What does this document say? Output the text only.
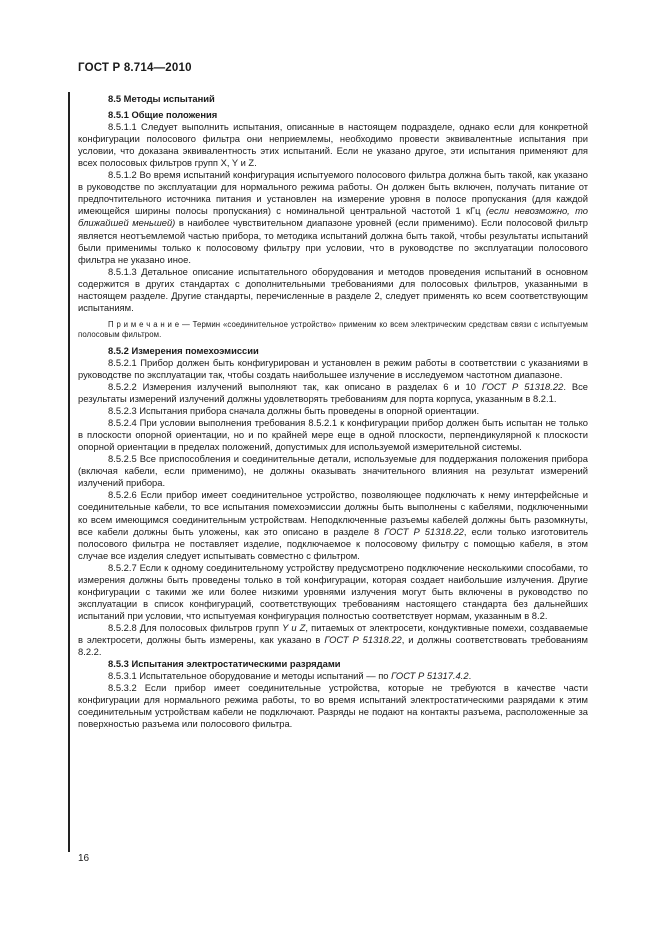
ГОСТ Р 8.714—2010

8.5 Методы испытаний

8.5.1 Общие положения

8.5.1.1 Следует выполнить испытания, описанные в настоящем подразделе, однако если для конкретной конфигурации полосового фильтра они неприемлемы, необходимо провести эквивалентные испытания при условии, что доказана эквивалентность этих испытаний. Если не указано другое, эти испытания применяют для всех полосовых фильтров групп X, Y и Z.

8.5.1.2 Во время испытаний конфигурация испытуемого полосового фильтра должна быть такой, как указано в руководстве по эксплуатации для нормального режима работы. Он должен быть включен, получать питание от предпочтительного источника питания и установлен на измерение уровня в полосе пропускания (для каждой имеющейся ширины полосы пропускания) с номинальной центральной частотой 1 кГц (если невозможно, то ближайшей меньшей) в наиболее чувствительном диапазоне уровней (если применимо). Если полосовой фильтр является неотъемлемой частью прибора, то методика испытаний должна быть такой, чтобы результаты испытаний были применимы только к полосовому фильтру при условии, что в руководстве по эксплуатации полосового фильтра не указано иное.

8.5.1.3 Детальное описание испытательного оборудования и методов проведения испытаний в основном содержится в других стандартах с дополнительными требованиями для полосовых фильтров, указанными в настоящем разделе. Другие стандарты, перечисленные в разделе 2, следует применять ко всем соответствующим испытаниям.

П р и м е ч а н и е — Термин «соединительное устройство» применим ко всем электрическим средствам связи с испытуемым полосовым фильтром.

8.5.2 Измерения помехоэмиссии

8.5.2.1 Прибор должен быть конфигурирован и установлен в режим работы в соответствии с указаниями в руководстве по эксплуатации так, чтобы создать наибольшее излучение в исследуемом частотном диапазоне.

8.5.2.2 Измерения излучений выполняют так, как описано в разделах 6 и 10 ГОСТ Р 51318.22. Все результаты измерений излучений должны удовлетворять требованиям для порта корпуса, указанным в 8.2.1.

8.5.2.3 Испытания прибора сначала должны быть проведены в опорной ориентации.

8.5.2.4 При условии выполнения требования 8.5.2.1 к конфигурации прибор должен быть испытан не только в плоскости опорной ориентации, но и по крайней мере еще в одной плоскости, перпендикулярной к плоскости опорной ориентации в пределах положений, допустимых для используемой измерительной системы.

8.5.2.5 Все приспособления и соединительные детали, используемые для поддержания положения прибора (включая кабели, если применимо), не должны оказывать значительного влияния на результат измерений излучений прибора.

8.5.2.6 Если прибор имеет соединительное устройство, позволяющее подключать к нему интерфейсные и соединительные кабели, то все испытания помехоэмиссии должны быть выполнены с кабелями, подключенными ко всем имеющимся соединительным устройствам. Неподключенные разъемы кабелей должны быть разомкнуты, все кабели должны быть уложены, как это описано в разделе 8 ГОСТ Р 51318.22, если только изготовитель полосового фильтра не поставляет изделие, подключаемое к полосовому фильтру с помощью кабеля, в этом случае все изделия следует испытывать совместно с фильтром.

8.5.2.7 Если к одному соединительному устройству предусмотрено подключение несколькими способами, то измерения должны быть проведены только в той конфигурации, которая создает наибольшие излучения. Другие конфигурации с такими же или более низкими уровнями излучения могут быть включены в руководство по эксплуатации в список конфигураций, соответствующих требованиям настоящего стандарта без дальнейших испытаний при условии, что испытуемая конфигурация полностью соответствует нормам, указанным в 8.2.

8.5.2.8 Для полосовых фильтров групп Y и Z, питаемых от электросети, кондуктивные помехи, создаваемые в электросети, должны быть измерены, как указано в ГОСТ Р 51318.22, и должны соответствовать требованиям 8.2.2.

8.5.3 Испытания электростатическими разрядами

8.5.3.1 Испытательное оборудование и методы испытаний — по ГОСТ Р 51317.4.2.

8.5.3.2 Если прибор имеет соединительные устройства, которые не требуются в качестве части конфигурации для нормального режима работы, то во время испытаний электростатическими разрядами к этим соединительным устройствам кабели не подключают. Разряды не подают на контакты разъема, расположенные за поверхностью разъема или полосового фильтра.

16
